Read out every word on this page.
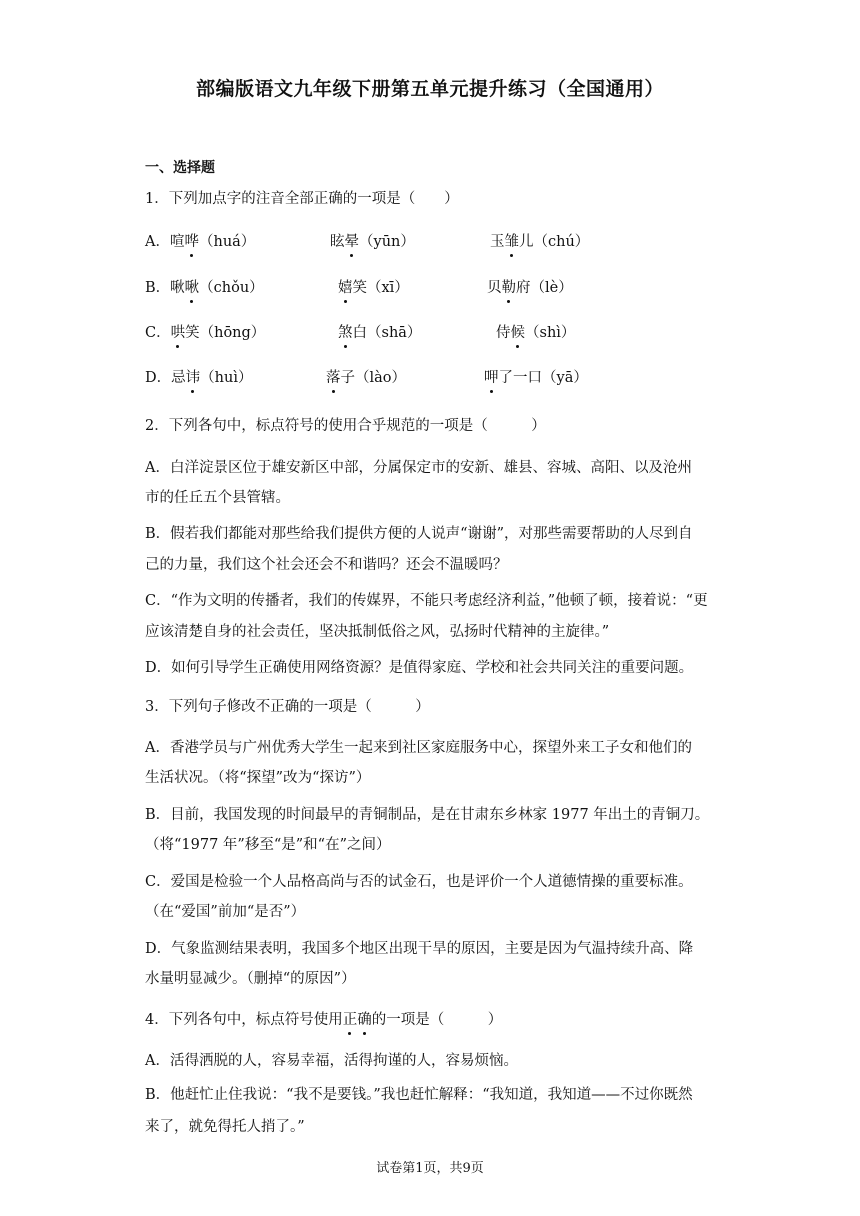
部编版语文九年级下册第五单元提升练习（全国通用）
一、选择题
1．下列加点字的注音全部正确的一项是（　　）
A．喧哗（huá）	眩晕（yūn）	玉雏儿（chú）
B．啾啾（chǒu）	嬉笑（xī）	贝勒府（lè）
C．哄笑（hōng）	煞白（shā）	侍候（shì）
D．忌讳（huì）	落子（lào）	呷了一口（yā）
2．下列各句中，标点符号的使用合乎规范的一项是（　　　）
A．白洋淀景区位于雄安新区中部，分属保定市的安新、雄县、容城、高阳、以及沧州
市的任丘五个县管辖。
B．假若我们都能对那些给我们提供方便的人说声“谢谢”，对那些需要帮助的人尽到自
己的力量，我们这个社会还会不和谐吗？还会不温暖吗？
C．“作为文明的传播者，我们的传媒界，不能只考虑经济利益，”他顿了顿，接着说：“更
应该清楚自身的社会责任，坚决抵制低俗之风，弘扬时代精神的主旋律。”
D．如何引导学生正确使用网络资源？是值得家庭、学校和社会共同关注的重要问题。
3．下列句子修改不正确的一项是（　　　）
A．香港学员与广州优秀大学生一起来到社区家庭服务中心，探望外来工子女和他们的
生活状况。（将“探望”改为“探访”）
B．目前，我国发现的时间最早的青铜制品，是在甘肃东乡林家 1977 年出土的青铜刀。
（将“1977 年”移至“是”和“在”之间）
C．爱国是检验一个人品格高尚与否的试金石，也是评价一个人道德情操的重要标准。
（在“爱国”前加“是否”）
D．气象监测结果表明，我国多个地区出现干旱的原因，主要是因为气温持续升高、降
水量明显减少。（删掉“的原因”）
4．下列各句中，标点符号使用正确的一项是（　　　）
A．活得洒脱的人，容易幸福，活得拘谨的人，容易烦恼。
B．他赶忙止住我说：“我不是要钱。”我也赶忙解释：“我知道，我知道——不过你既然
来了，就免得托人捎了。”
试卷第1页，共9页
